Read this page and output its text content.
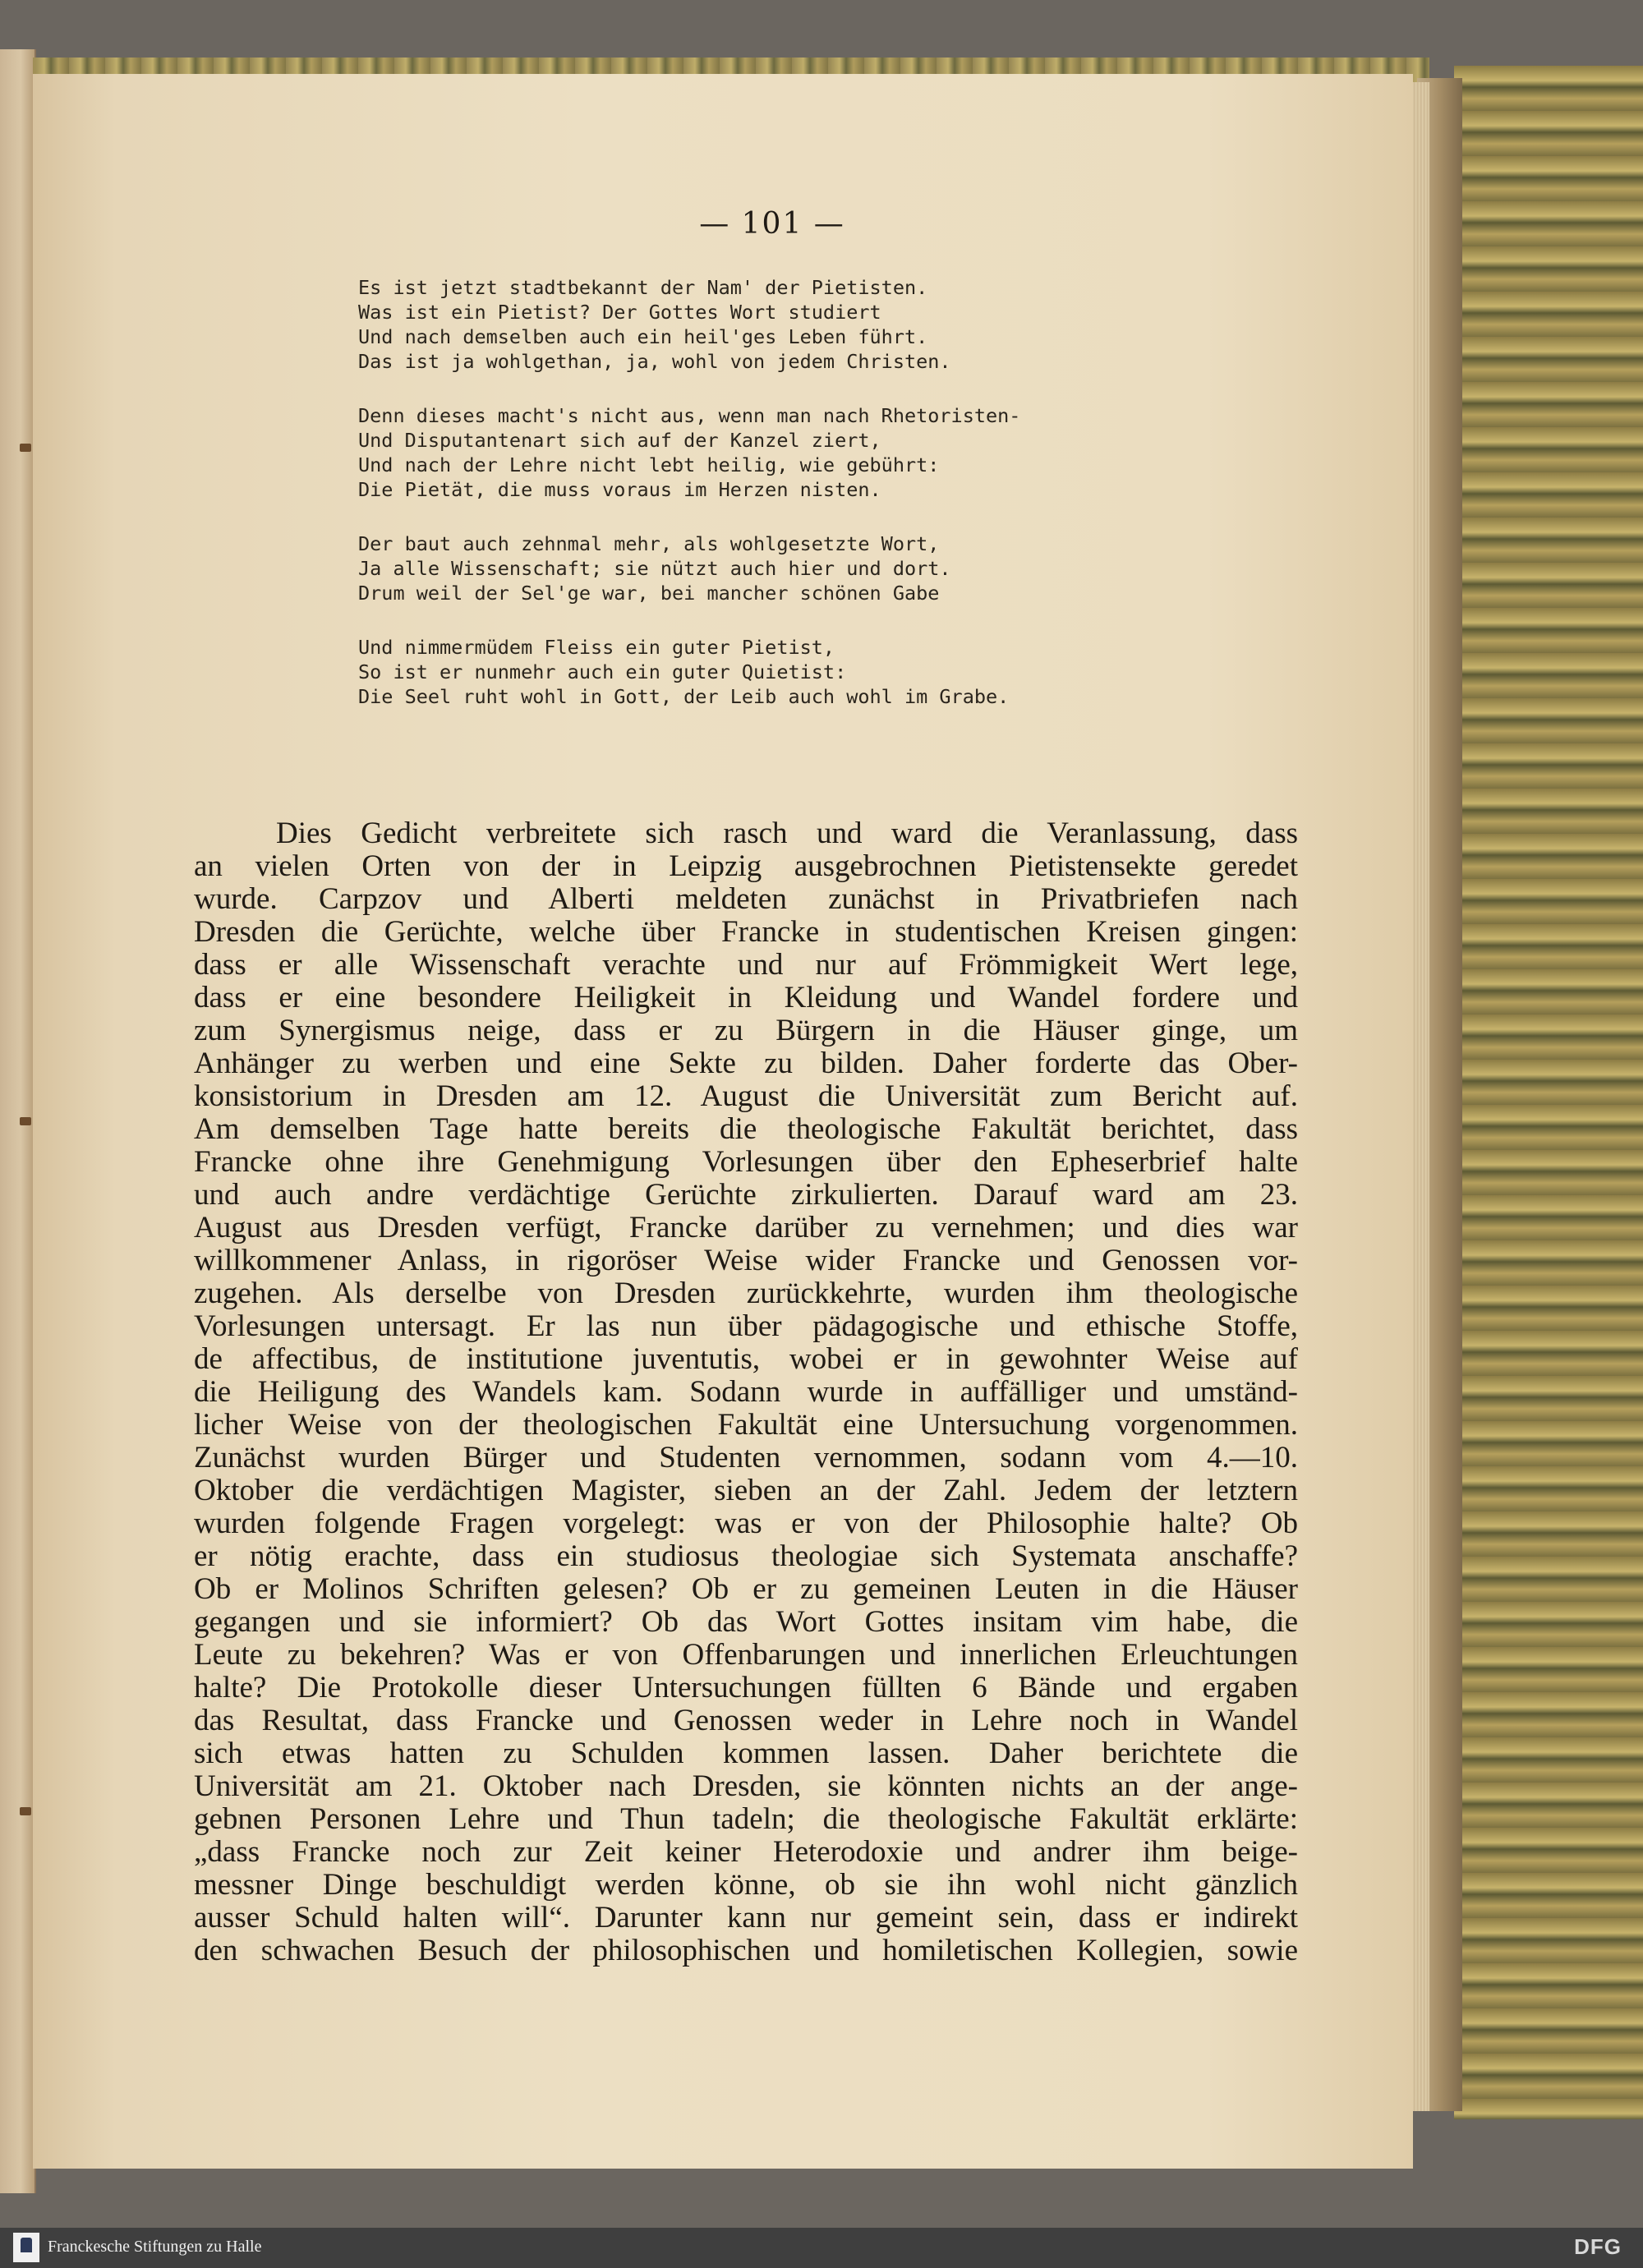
— 101 —
Es ist jetzt stadtbekannt der Nam' der Pietisten.
Was ist ein Pietist? Der Gottes Wort studiert
Und nach demselben auch ein heil'ges Leben führt.
Das ist ja wohlgethan, ja, wohl von jedem Christen.
Denn dieses macht's nicht aus, wenn man nach Rhetoristen-
Und Disputantenart sich auf der Kanzel ziert,
Und nach der Lehre nicht lebt heilig, wie gebührt:
Die Pietät, die muss voraus im Herzen nisten.
Der baut auch zehnmal mehr, als wohlgesetzte Wort,
Ja alle Wissenschaft; sie nützt auch hier und dort.
Drum weil der Sel'ge war, bei mancher schönen Gabe
Und nimmermüdem Fleiss ein guter Pietist,
So ist er nunmehr auch ein guter Quietist:
Die Seel ruht wohl in Gott, der Leib auch wohl im Grabe.
Dies Gedicht verbreitete sich rasch und ward die Veranlassung, dass
an vielen Orten von der in Leipzig ausgebrochnen Pietistensekte geredet
wurde. Carpzov und Alberti meldeten zunächst in Privatbriefen nach
Dresden die Gerüchte, welche über Francke in studentischen Kreisen gingen:
dass er alle Wissenschaft verachte und nur auf Frömmigkeit Wert lege,
dass er eine besondere Heiligkeit in Kleidung und Wandel fordere und
zum Synergismus neige, dass er zu Bürgern in die Häuser ginge, um
Anhänger zu werben und eine Sekte zu bilden. Daher forderte das Ober-
konsistorium in Dresden am 12. August die Universität zum Bericht auf.
Am demselben Tage hatte bereits die theologische Fakultät berichtet, dass
Francke ohne ihre Genehmigung Vorlesungen über den Epheserbrief halte
und auch andre verdächtige Gerüchte zirkulierten. Darauf ward am 23.
August aus Dresden verfügt, Francke darüber zu vernehmen; und dies war
willkommener Anlass, in rigoröser Weise wider Francke und Genossen vor-
zugehen. Als derselbe von Dresden zurückkehrte, wurden ihm theologische
Vorlesungen untersagt. Er las nun über pädagogische und ethische Stoffe,
de affectibus, de institutione juventutis, wobei er in gewohnter Weise auf
die Heiligung des Wandels kam. Sodann wurde in auffälliger und umständ-
licher Weise von der theologischen Fakultät eine Untersuchung vorgenommen.
Zunächst wurden Bürger und Studenten vernommen, sodann vom 4.—10.
Oktober die verdächtigen Magister, sieben an der Zahl. Jedem der letztern
wurden folgende Fragen vorgelegt: was er von der Philosophie halte? Ob
er nötig erachte, dass ein studiosus theologiae sich Systemata anschaffe?
Ob er Molinos Schriften gelesen? Ob er zu gemeinen Leuten in die Häuser
gegangen und sie informiert? Ob das Wort Gottes insitam vim habe, die
Leute zu bekehren? Was er von Offenbarungen und innerlichen Erleuchtungen
halte? Die Protokolle dieser Untersuchungen füllten 6 Bände und ergaben
das Resultat, dass Francke und Genossen weder in Lehre noch in Wandel
sich etwas hatten zu Schulden kommen lassen. Daher berichtete die
Universität am 21. Oktober nach Dresden, sie könnten nichts an der ange-
gebnen Personen Lehre und Thun tadeln; die theologische Fakultät erklärte:
„dass Francke noch zur Zeit keiner Heterodoxie und andrer ihm beige-
messner Dinge beschuldigt werden könne, ob sie ihn wohl nicht gänzlich
ausser Schuld halten will“. Darunter kann nur gemeint sein, dass er indirekt
den schwachen Besuch der philosophischen und homiletischen Kollegien, sowie
Franckesche Stiftungen zu Halle	DFG
